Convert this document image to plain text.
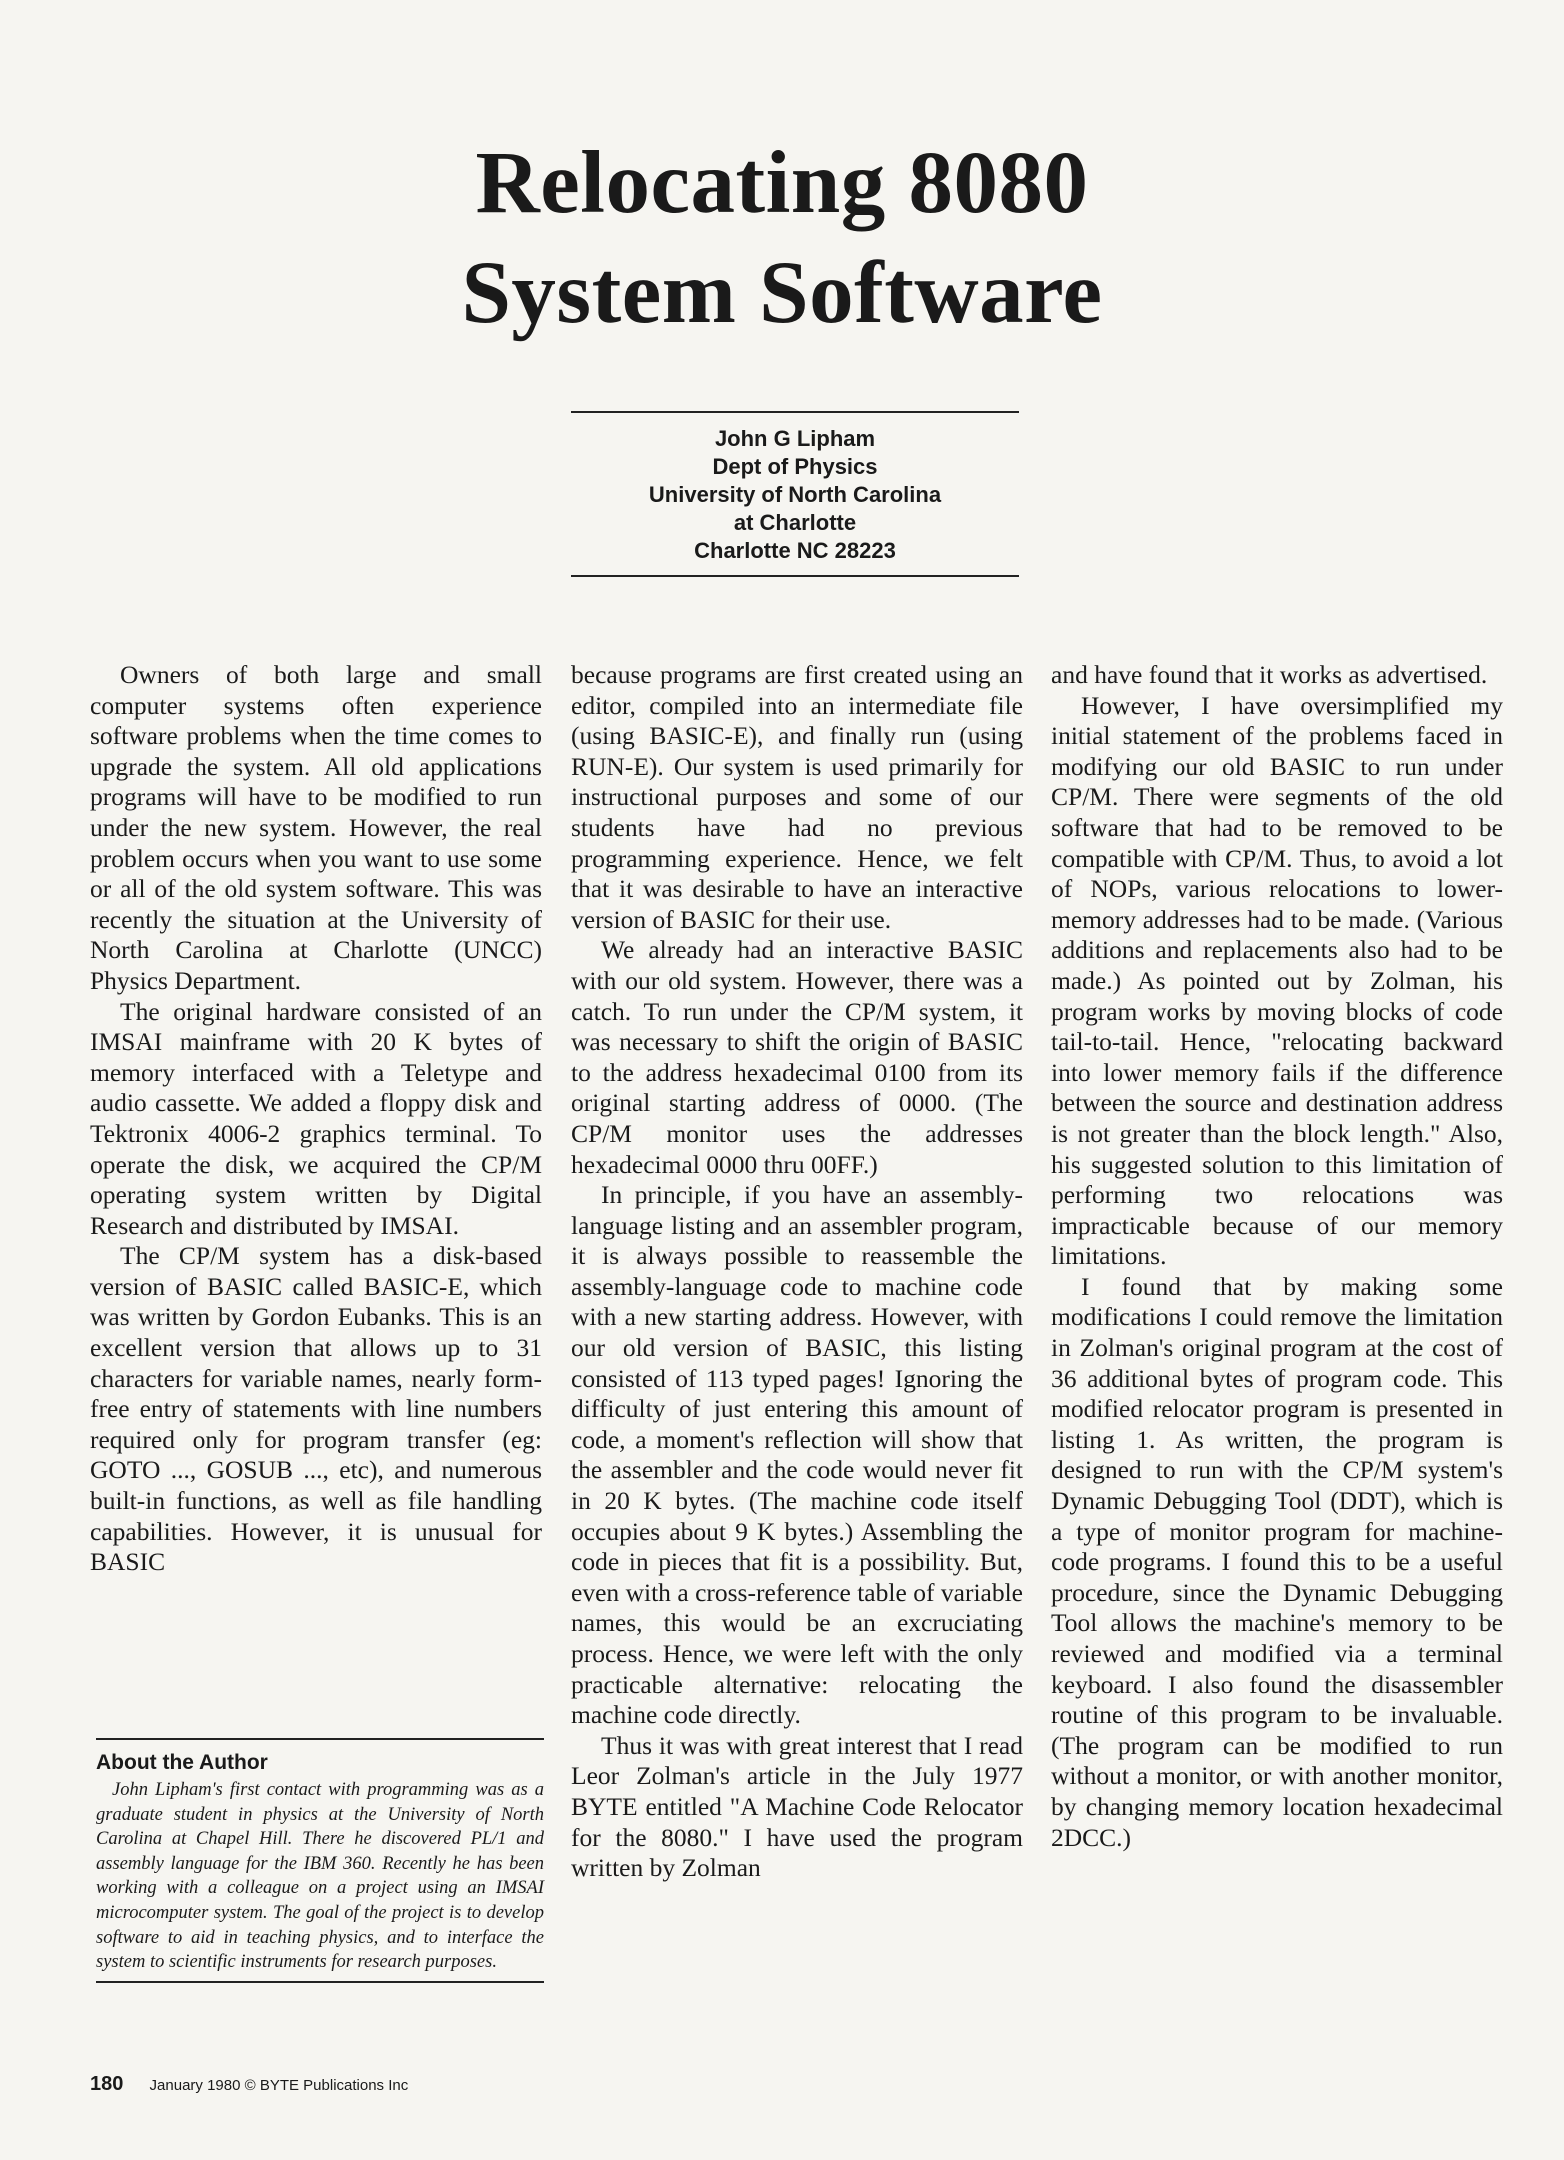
Relocating 8080
System Software
John G Lipham
Dept of Physics
University of North Carolina
at Charlotte
Charlotte NC 28223

Owners of both large and small computer systems often experience software problems when the time comes to upgrade the system. All old applications programs will have to be modified to run under the new system. However, the real problem occurs when you want to use some or all of the old system software. This was recently the situation at the University of North Carolina at Charlotte (UNCC) Physics Department.

The original hardware consisted of an IMSAI mainframe with 20 K bytes of memory interfaced with a Teletype and audio cassette. We added a floppy disk and Tektronix 4006-2 graphics terminal. To operate the disk, we acquired the CP/M operating system written by Digital Research and distributed by IMSAI.

The CP/M system has a disk-based version of BASIC called BASIC-E, which was written by Gordon Eubanks. This is an excellent version that allows up to 31 characters for variable names, nearly form-free entry of statements with line numbers required only for program transfer (eg: GOTO ..., GOSUB ..., etc), and numerous built-in functions, as well as file handling capabilities. However, it is unusual for BASIC

About the Author

John Lipham's first contact with programming was as a graduate student in physics at the University of North Carolina at Chapel Hill. There he discovered PL/1 and assembly language for the IBM 360. Recently he has been working with a colleague on a project using an IMSAI microcomputer system. The goal of the project is to develop software to aid in teaching physics, and to interface the system to scientific instruments for research purposes.

because programs are first created using an editor, compiled into an intermediate file (using BASIC-E), and finally run (using RUN-E). Our system is used primarily for instructional purposes and some of our students have had no previous programming experience. Hence, we felt that it was desirable to have an interactive version of BASIC for their use.

We already had an interactive BASIC with our old system. However, there was a catch. To run under the CP/M system, it was necessary to shift the origin of BASIC to the address hexadecimal 0100 from its original starting address of 0000. (The CP/M monitor uses the addresses hexadecimal 0000 thru 00FF.)

In principle, if you have an assembly-language listing and an assembler program, it is always possible to reassemble the assembly-language code to machine code with a new starting address. However, with our old version of BASIC, this listing consisted of 113 typed pages! Ignoring the difficulty of just entering this amount of code, a moment's reflection will show that the assembler and the code would never fit in 20 K bytes. (The machine code itself occupies about 9 K bytes.) Assembling the code in pieces that fit is a possibility. But, even with a cross-reference table of variable names, this would be an excruciating process. Hence, we were left with the only practicable alternative: relocating the machine code directly.

Thus it was with great interest that I read Leor Zolman's article in the July 1977 BYTE entitled "A Machine Code Relocator for the 8080." I have used the program written by Zolman

and have found that it works as advertised.

However, I have oversimplified my initial statement of the problems faced in modifying our old BASIC to run under CP/M. There were segments of the old software that had to be removed to be compatible with CP/M. Thus, to avoid a lot of NOPs, various relocations to lower-memory addresses had to be made. (Various additions and replacements also had to be made.) As pointed out by Zolman, his program works by moving blocks of code tail-to-tail. Hence, "relocating backward into lower memory fails if the difference between the source and destination address is not greater than the block length." Also, his suggested solution to this limitation of performing two relocations was impracticable because of our memory limitations.

I found that by making some modifications I could remove the limitation in Zolman's original program at the cost of 36 additional bytes of program code. This modified relocator program is presented in listing 1. As written, the program is designed to run with the CP/M system's Dynamic Debugging Tool (DDT), which is a type of monitor program for machine-code programs. I found this to be a useful procedure, since the Dynamic Debugging Tool allows the machine's memory to be reviewed and modified via a terminal keyboard. I also found the disassembler routine of this program to be invaluable. (The program can be modified to run without a monitor, or with another monitor, by changing memory location hexadecimal 2DCC.)

180 January 1980 © BYTE Publications Inc
